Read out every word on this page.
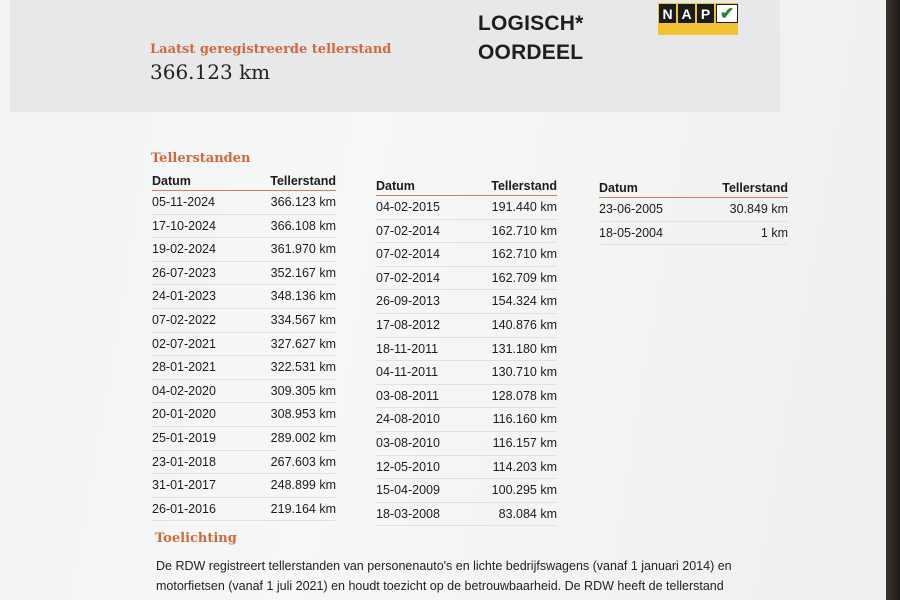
Laatst geregistreerde tellerstand
366.123 km
LOGISCH*
OORDEEL
N A P ✔
Tellerstanden
Datum	Tellerstand
05-11-2024	366.123 km
17-10-2024	366.108 km
19-02-2024	361.970 km
26-07-2023	352.167 km
24-01-2023	348.136 km
07-02-2022	334.567 km
02-07-2021	327.627 km
28-01-2021	322.531 km
04-02-2020	309.305 km
20-01-2020	308.953 km
25-01-2019	289.002 km
23-01-2018	267.603 km
31-01-2017	248.899 km
26-01-2016	219.164 km
Datum	Tellerstand
04-02-2015	191.440 km
07-02-2014	162.710 km
07-02-2014	162.710 km
07-02-2014	162.709 km
26-09-2013	154.324 km
17-08-2012	140.876 km
18-11-2011	131.180 km
04-11-2011	130.710 km
03-08-2011	128.078 km
24-08-2010	116.160 km
03-08-2010	116.157 km
12-05-2010	114.203 km
15-04-2009	100.295 km
18-03-2008	83.084 km
Datum	Tellerstand
23-06-2005	30.849 km
18-05-2004	1 km
Toelichting
De RDW registreert tellerstanden van personenauto's en lichte bedrijfswagens (vanaf 1 januari 2014) en
motorfietsen (vanaf 1 juli 2021) en houdt toezicht op de betrouwbaarheid. De RDW heeft de tellerstand
